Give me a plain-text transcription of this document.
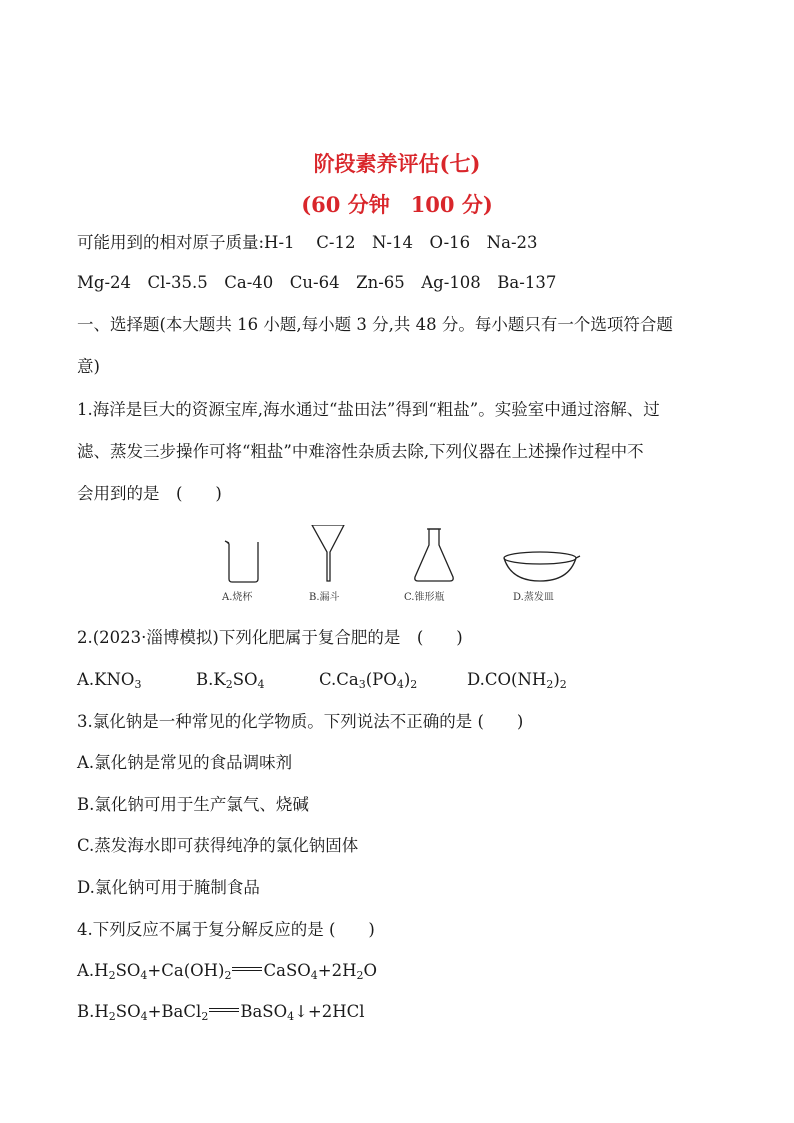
阶段素养评估(七)
(60 分钟　100 分)
可能用到的相对原子质量:H-1　 C-12　N-14　O-16　Na-23
Mg-24　Cl-35.5　Ca-40　Cu-64　Zn-65　Ag-108　Ba-137
一、选择题(本大题共 16 小题,每小题 3 分,共 48 分。每小题只有一个选项符合题
意)
1.海洋是巨大的资源宝库,海水通过“盐田法”得到“粗盐”。实验室中通过溶解、过
滤、蒸发三步操作可将“粗盐”中难溶性杂质去除,下列仪器在上述操作过程中不
会用到的是　(　　)
A.烧杯	B.漏斗	C.锥形瓶	D.蒸发皿
2.(2023·淄博模拟)下列化肥属于复合肥的是　(　　)
$A.KNO_3$	$B.K_2SO_4$	$C.Ca_3(PO_4)_2$	$D.CO(NH_2)_2$
3.氯化钠是一种常见的化学物质。下列说法不正确的是 (　　)
A.氯化钠是常见的食品调味剂
B.氯化钠可用于生产氯气、烧碱
C.蒸发海水即可获得纯净的氯化钠固体
D.氯化钠可用于腌制食品
4.下列反应不属于复分解反应的是 (　　)
$A.H_2SO_4+Ca(OH)_2$ $CaSO_4+2H_2O$
$B.H_2SO_4+BaCl_2$ BaSO$_4$↓+2HCl
